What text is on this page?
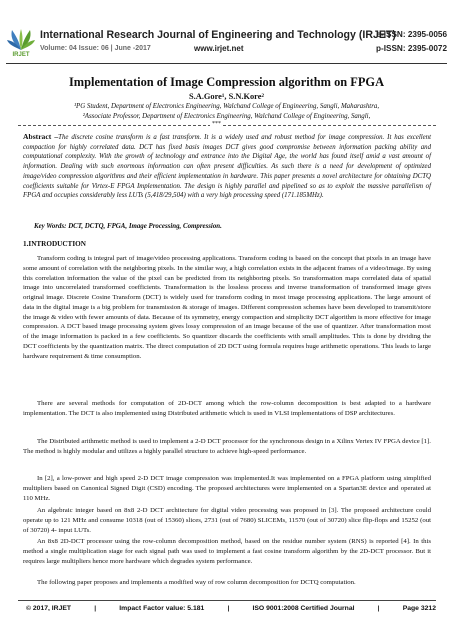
IRJET
International Research Journal of Engineering and Technology (IRJET)
e-ISSN: 2395-0056
Volume: 04 Issue: 06 | June -2017	www.irjet.net	p-ISSN: 2395-0072
Implementation of Image Compression algorithm on FPGA
S.A.Gore¹, S.N.Kore²
¹PG Student, Department of Electronics Engineering, Walchand College of Engineering, Sangli, Maharashtra,
²Associate Professor, Department of Electronics Engineering, Walchand College of Engineering, Sangli,
***
Abstract –The discrete cosine transform is a fast transform. It is a widely used and robust method for image compression. It has excellent compaction for highly correlated data. DCT has fixed basis images DCT gives good compromise between information packing ability and computational complexity. With the growth of technology and entrance into the Digital Age, the world has found itself amid a vast amount of information. Dealing with such enormous information can often present difficulties. As such there is a need for development of optimized image/video compression algorithms and their efficient implementation in hardware. This paper presents a novel architecture for obtaining DCTQ coefficients suitable for Virtex-E FPGA Implementation. The design is highly parallel and pipelined so as to exploit the massive parallelism of FPGA and occupies considerably less LUTs (5,418/29,504) with a very high processing speed (171.185MHz).
Key Words: DCT, DCTQ, FPGA, Image Processing, Compression.
1.INTRODUCTION
Transform coding is integral part of image/video processing applications. Transform coding is based on the concept that pixels in an image have some amount of correlation with the neighboring pixels. In the similar way, a high correlation exists in the adjacent frames of a video/image. By using this correlation information the value of the pixel can be predicted from its neighboring pixels. So transformation maps correlated data of spatial image into uncorrelated transformed coefficients. Transformation is the lossless process and inverse transformation of transformed image gives original image. Discrete Cosine Transform (DCT) is widely used for transform coding in most image processing applications. The large amount of data in the digital image is a big problem for transmission & storage of images. Different compression schemes have been developed to transmit/store the image & video with fewer amounts of data. Because of its symmetry, energy compaction and simplicity DCT algorithm is more effective for image compression. A DCT based image processing system gives lossy compression of an image because of the use of quantizer. After transformation most of the image information is packed in a few coefficients. So quantizer discards the coefficients with small amplitudes. This is done by dividing the DCT coefficients by the quantization matrix. The direct computation of 2D DCT using formula requires huge arithmetic operations. This leads to large hardware requirement & time consumption.
There are several methods for computation of 2D-DCT among which the row-column decomposition is best adapted to a hardware implementation. The DCT is also implemented using Distributed arithmetic which is used in VLSI implementations of DSP architectures.
The Distributed arithmetic method is used to implement a 2-D DCT processor for the synchronous design in a Xilinx Vertex IV FPGA device [1]. The method is highly modular and utilizes a highly parallel structure to achieve high-speed performance.
In [2], a low-power and high speed 2-D DCT image compression was implemented.It was implemented on a FPGA platform using simplified multipliers based on Canonical Signed Digit (CSD) encoding. The proposed architectures were implemented on a Spartan3E device and operated at 110 MHz.
An algebraic integer based on 8x8 2-D DCT architecture for digital video processing was proposed in [3]. The proposed architecture could operate up to 121 MHz and consume 10318 (out of 15360) slices, 2731 (out of 7680) SLICEMs, 11570 (out of 30720) slice flip-flops and 15252 (out of 30720) 4- input LUTs.
An 8x8 2D-DCT processor using the row-column decomposition method, based on the residue number system (RNS) is reported [4]. In this method a single multiplication stage for each signal path was used to implement a fast cosine transform algorithm by the 2D-DCT processor. But it requires large multipliers hence more hardware which degrades system performance.
The following paper proposes and implements a modified way of row column decomposition for DCTQ computation.
© 2017, IRJET	|	Impact Factor value: 5.181	|	ISO 9001:2008 Certified Journal	|	Page 3212
